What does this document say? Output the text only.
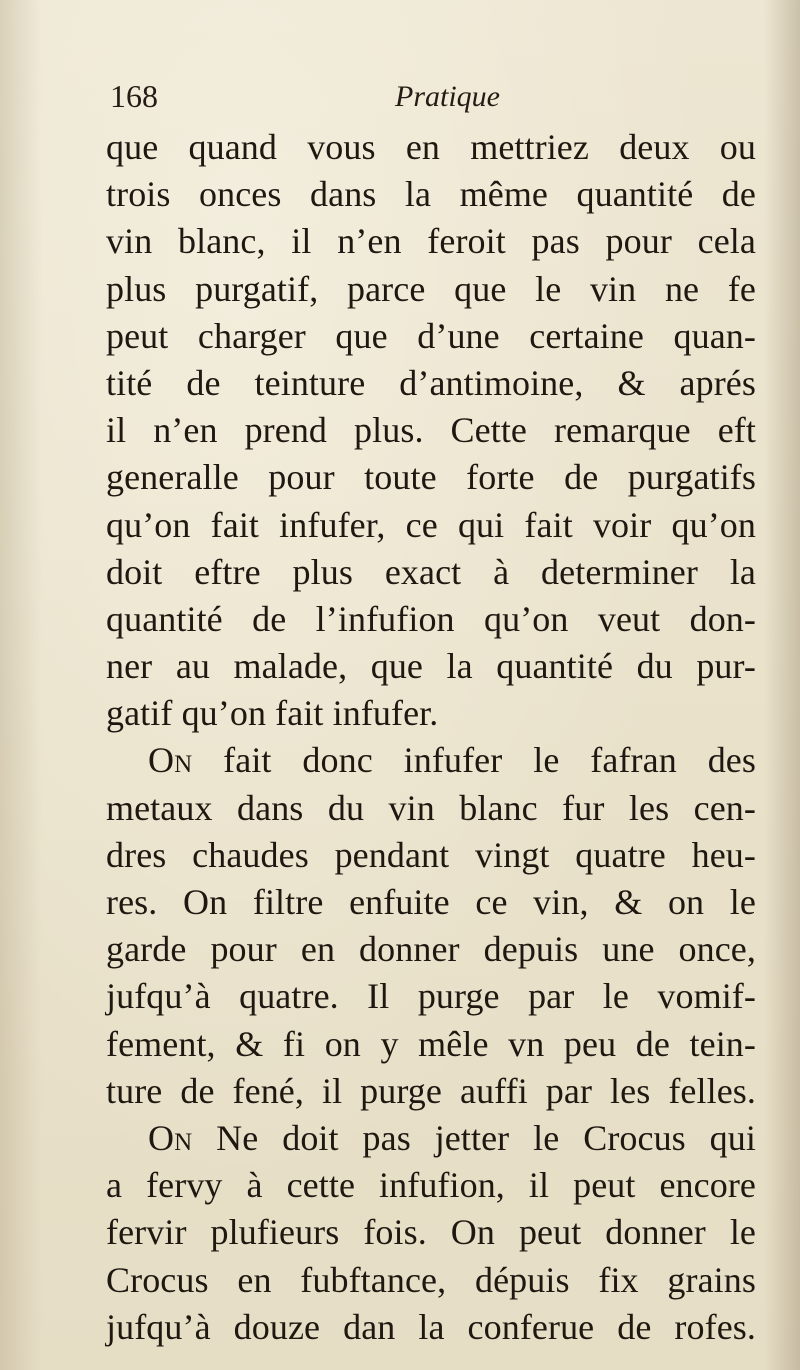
168	Pratique
que quand vous en mettriez deux ou
trois onces dans la même quantité de
vin blanc, il n’en feroit pas pour cela
plus purgatif, parce que le vin ne fe
peut charger que d’une certaine quan-
tité de teinture d’antimoine, & aprés
il n’en prend plus. Cette remarque eft
generalle pour toute forte de purgatifs
qu’on fait infufer, ce qui fait voir qu’on
doit eftre plus exact à determiner la
quantité de l’infufion qu’on veut don-
ner au malade, que la quantité du pur-
gatif qu’on fait infufer.
On fait donc infufer le fafran des
metaux dans du vin blanc fur les cen-
dres chaudes pendant vingt quatre heu-
res. On filtre enfuite ce vin, & on le
garde pour en donner depuis une once,
jufqu’à quatre. Il purge par le vomif-
fement, & fi on y mêle vn peu de tein-
ture de fené, il purge auffi par les felles.
On Ne doit pas jetter le Crocus qui
a fervy à cette infufion, il peut encore
fervir plufieurs fois. On peut donner le
Crocus en fubftance, dépuis fix grains
jufqu’à douze dan la conferue de rofes.
